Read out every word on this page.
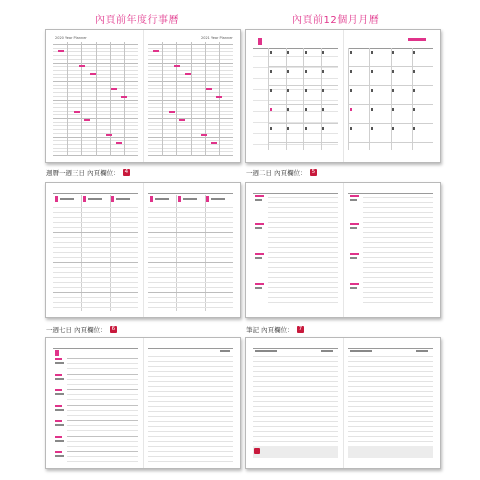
內頁前年度行事曆	內頁前12個月月曆
週曆一週三日 內頁欄位： 4	一週二日 內頁欄位： 5
一週七日 內頁欄位： 6	筆記 內頁欄位： 7
2020 Year Planner	2021 Year Planner
